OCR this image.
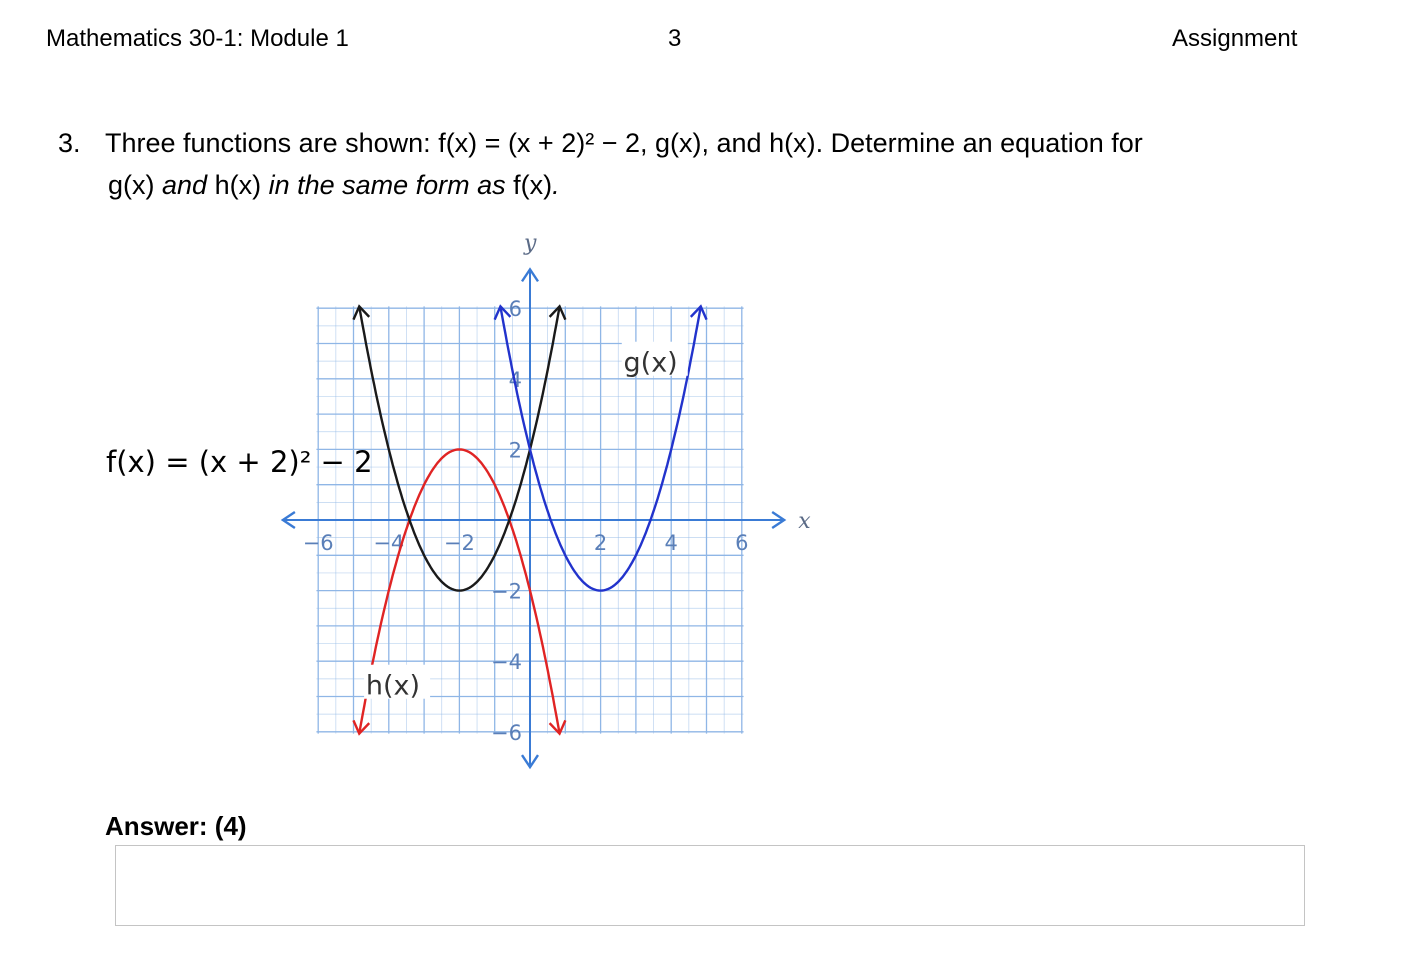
Mathematics 30-1: Module 1	3	Assignment
3. Three functions are shown: f(x) = (x + 2)² − 2, g(x), and h(x). Determine an equation for
g(x) and h(x) in the same form as f(x).
x
y
−6 −4 −2	2	4	6
6
4
2
−2
−4
−6
g(x)
h(x)
f(x) = (x + 2)² − 2
Answer: (4)
